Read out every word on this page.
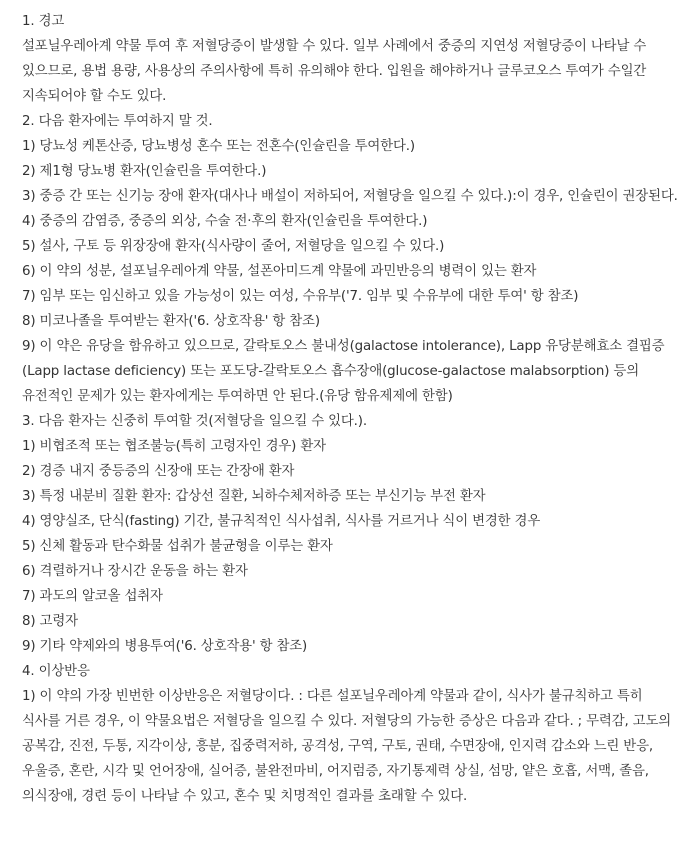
1. 경고

설포닐우레아계 약물 투여 후 저혈당증이 발생할 수 있다. 일부 사례에서 중증의 지연성 저혈당증이 나타날 수 있으므로, 용법 용량, 사용상의 주의사항에 특히 유의해야 한다. 입원을 해야하거나 글루코오스 투여가 수일간 지속되어야 할 수도 있다.

2. 다음 환자에는 투여하지 말 것.

1) 당뇨성 케톤산증, 당뇨병성 혼수 또는 전혼수(인슐린을 투여한다.)

2) 제1형 당뇨병 환자(인슐린을 투여한다.)

3) 중증 간 또는 신기능 장애 환자(대사나 배설이 저하되어, 저혈당을 일으킬 수 있다.):이 경우, 인슐린이 권장된다.

4) 중증의 감염증, 중증의 외상, 수술 전·후의 환자(인슐린을 투여한다.)

5) 설사, 구토 등 위장장애 환자(식사량이 줄어, 저혈당을 일으킬 수 있다.)

6) 이 약의 성분, 설포닐우레아계 약물, 설폰아미드계 약물에 과민반응의 병력이 있는 환자

7) 임부 또는 임신하고 있을 가능성이 있는 여성, 수유부('7. 임부 및 수유부에 대한 투여' 항 참조)

8) 미코나졸을 투여받는 환자('6. 상호작용' 항 참조)

9) 이 약은 유당을 함유하고 있으므로, 갈락토오스 불내성(galactose intolerance), Lapp 유당분해효소 결핍증(Lapp lactase deficiency) 또는 포도당-갈락토오스 흡수장애(glucose-galactose malabsorption) 등의 유전적인 문제가 있는 환자에게는 투여하면 안 된다.(유당 함유제제에 한함)

3. 다음 환자는 신중히 투여할 것(저혈당을 일으킬 수 있다.).

1) 비협조적 또는 협조불능(특히 고령자인 경우) 환자

2) 경증 내지 중등증의 신장애 또는 간장애 환자

3) 특정 내분비 질환 환자: 갑상선 질환, 뇌하수체저하증 또는 부신기능 부전 환자

4) 영양실조, 단식(fasting) 기간, 불규칙적인 식사섭취, 식사를 거르거나 식이 변경한 경우

5) 신체 활동과 탄수화물 섭취가 불균형을 이루는 환자

6) 격렬하거나 장시간 운동을 하는 환자

7) 과도의 알코올 섭취자

8) 고령자

9) 기타 약제와의 병용투여('6. 상호작용' 항 참조)

4. 이상반응

1) 이 약의 가장 빈번한 이상반응은 저혈당이다. : 다른 설포닐우레아계 약물과 같이, 식사가 불규칙하고 특히 식사를 거른 경우, 이 약물요법은 저혈당을 일으킬 수 있다. 저혈당의 가능한 증상은 다음과 같다. ; 무력감, 고도의 공복감, 진전, 두통, 지각이상, 흥분, 집중력저하, 공격성, 구역, 구토, 권태, 수면장애, 인지력 감소와 느린 반응, 우울증, 혼란, 시각 및 언어장애, 실어증, 불완전마비, 어지럼증, 자기통제력 상실, 섬망, 얕은 호흡, 서맥, 졸음, 의식장애, 경련 등이 나타날 수 있고, 혼수 및 치명적인 결과를 초래할 수 있다.
